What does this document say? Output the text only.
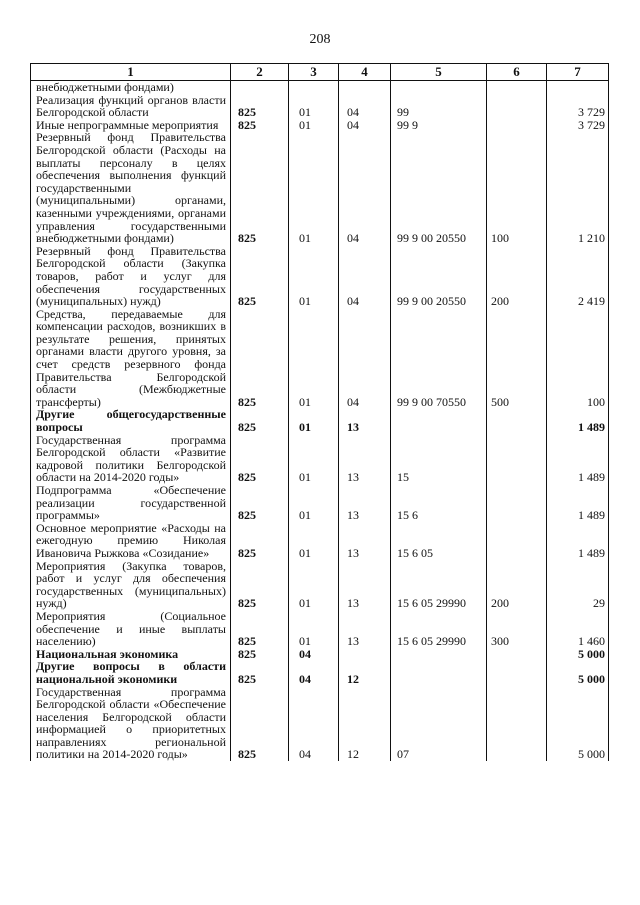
208
1	2	3	4	5	6	7
внебюджетными фондами)						
Реализация функций органов власти Белгородской области	825	01	04	99		3 729
Иные непрограммные мероприятия	825	01	04	99 9		3 729
Резервный фонд Правительства Белгородской области (Расходы на выплаты персоналу в целях обеспечения выполнения функций государственными (муниципальными) органами, казенными учреждениями, органами управления государственными внебюджетными фондами)	825	01	04	99 9 00 20550	100	1 210
Резервный фонд Правительства Белгородской области (Закупка товаров, работ и услуг для обеспечения государственных (муниципальных) нужд)	825	01	04	99 9 00 20550	200	2 419
Средства, передаваемые для компенсации расходов, возникших в результате решения, принятых органами власти другого уровня, за счет средств резервного фонда Правительства Белгородской области (Межбюджетные трансферты)	825	01	04	99 9 00 70550	500	100
Другие общегосударственные вопросы	825	01	13			1 489
Государственная программа Белгородской области «Развитие кадровой политики Белгородской области на 2014-2020 годы»	825	01	13	15		1 489
Подпрограмма «Обеспечение реализации государственной программы»	825	01	13	15 6		1 489
Основное мероприятие «Расходы на ежегодную премию Николая Ивановича Рыжкова «Созидание»	825	01	13	15 6 05		1 489
Мероприятия (Закупка товаров, работ и услуг для обеспечения государственных (муниципальных) нужд)	825	01	13	15 6 05 29990	200	29
Мероприятия (Социальное обеспечение и иные выплаты населению)	825	01	13	15 6 05 29990	300	1 460
Национальная экономика	825	04				5 000
Другие вопросы в области национальной экономики	825	04	12			5 000
Государственная программа Белгородской области «Обеспечение населения Белгородской области информацией о приоритетных направлениях региональной политики на 2014-2020 годы»	825	04	12	07		5 000
